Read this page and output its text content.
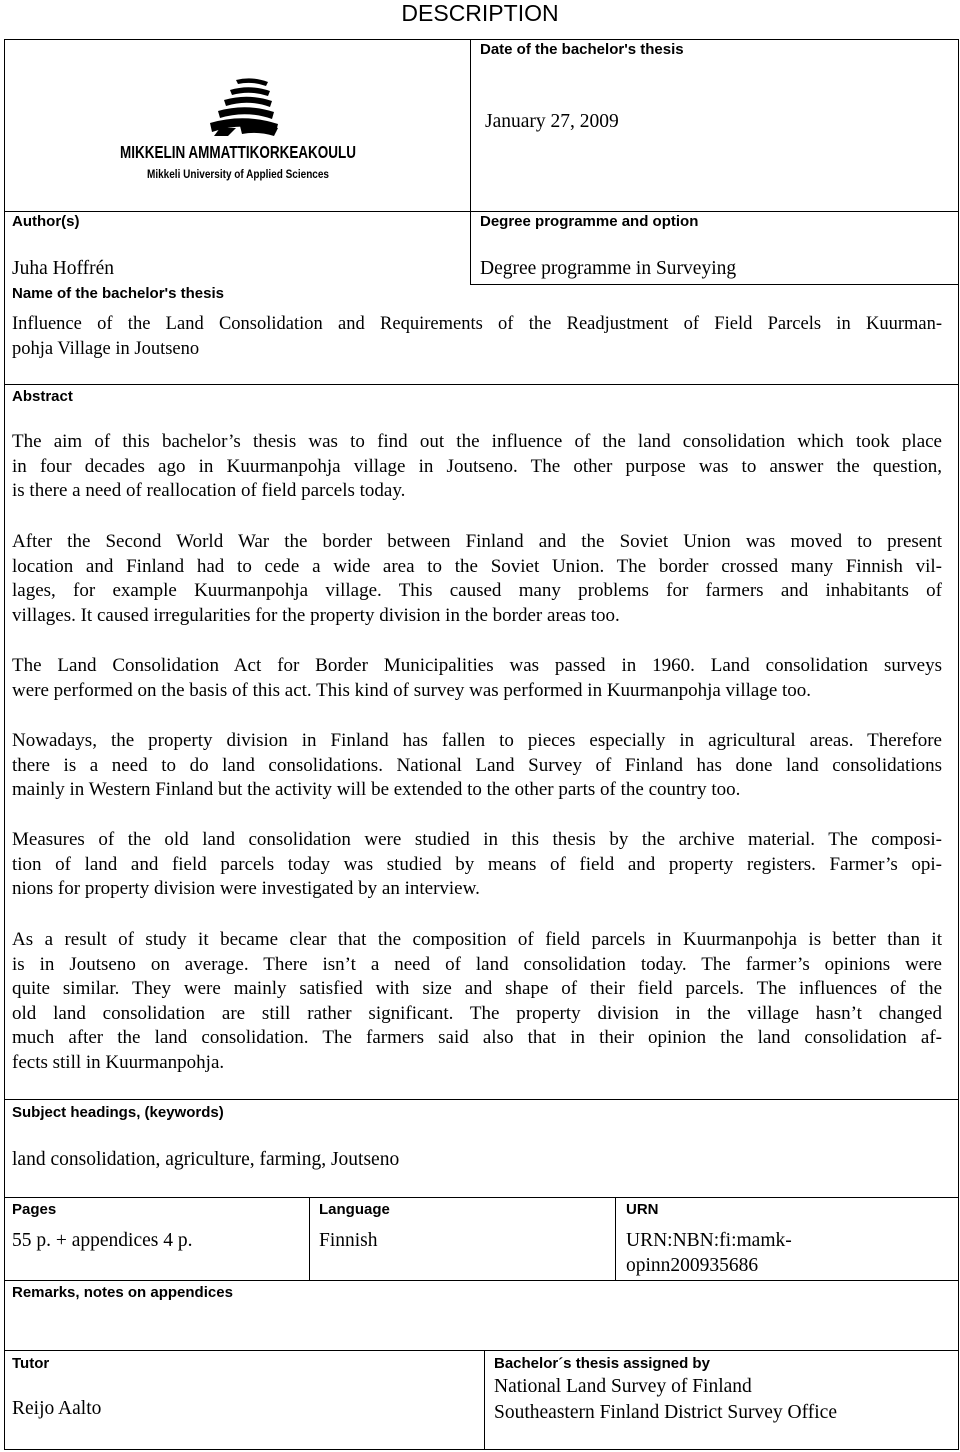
DESCRIPTION
MIKKELIN AMMATTIKORKEAKOULU
Mikkeli University of Applied Sciences
Date of the bachelor's thesis
January 27, 2009
Author(s)
Juha Hoffrén
Degree programme and option
Degree programme in Surveying
Name of the bachelor's thesis
Influence of the Land Consolidation and Requirements of the Readjustment of Field Parcels in Kuurman-
pohja Village in Joutseno
Abstract
The aim of this bachelor’s thesis was to find out the influence of the land consolidation which took place
in four decades ago in Kuurmanpohja village in Joutseno. The other purpose was to answer the question,
is there a need of reallocation of field parcels today.
After the Second World War the border between Finland and the Soviet Union was moved to present
location and Finland had to cede a wide area to the Soviet Union. The border crossed many Finnish vil-
lages, for example Kuurmanpohja village. This caused many problems for farmers and inhabitants of
villages. It caused irregularities for the property division in the border areas too.
The Land Consolidation Act for Border Municipalities was passed in 1960. Land consolidation surveys
were performed on the basis of this act. This kind of survey was performed in Kuurmanpohja village too.
Nowadays, the property division in Finland has fallen to pieces especially in agricultural areas. Therefore
there is a need to do land consolidations. National Land Survey of Finland has done land consolidations
mainly in Western Finland but the activity will be extended to the other parts of the country too.
Measures of the old land consolidation were studied in this thesis by the archive material. The composi-
tion of land and field parcels today was studied by means of field and property registers. Farmer’s opi-
nions for property division were investigated by an interview.
As a result of study it became clear that the composition of field parcels in Kuurmanpohja is better than it
is in Joutseno on average. There isn’t a need of land consolidation today. The farmer’s opinions were
quite similar. They were mainly satisfied with size and shape of their field parcels. The influences of the
old land consolidation are still rather significant. The property division in the village hasn’t changed
much after the land consolidation. The farmers said also that in their opinion the land consolidation af-
fects still in Kuurmanpohja.
Subject headings, (keywords)
land consolidation, agriculture, farming, Joutseno
Pages
55 p. + appendices 4 p.
Language
Finnish
URN
URN:NBN:fi:mamk-
opinn200935686
Remarks, notes on appendices
Tutor
Reijo Aalto
Bachelor´s thesis assigned by
National Land Survey of Finland
Southeastern Finland District Survey Office
